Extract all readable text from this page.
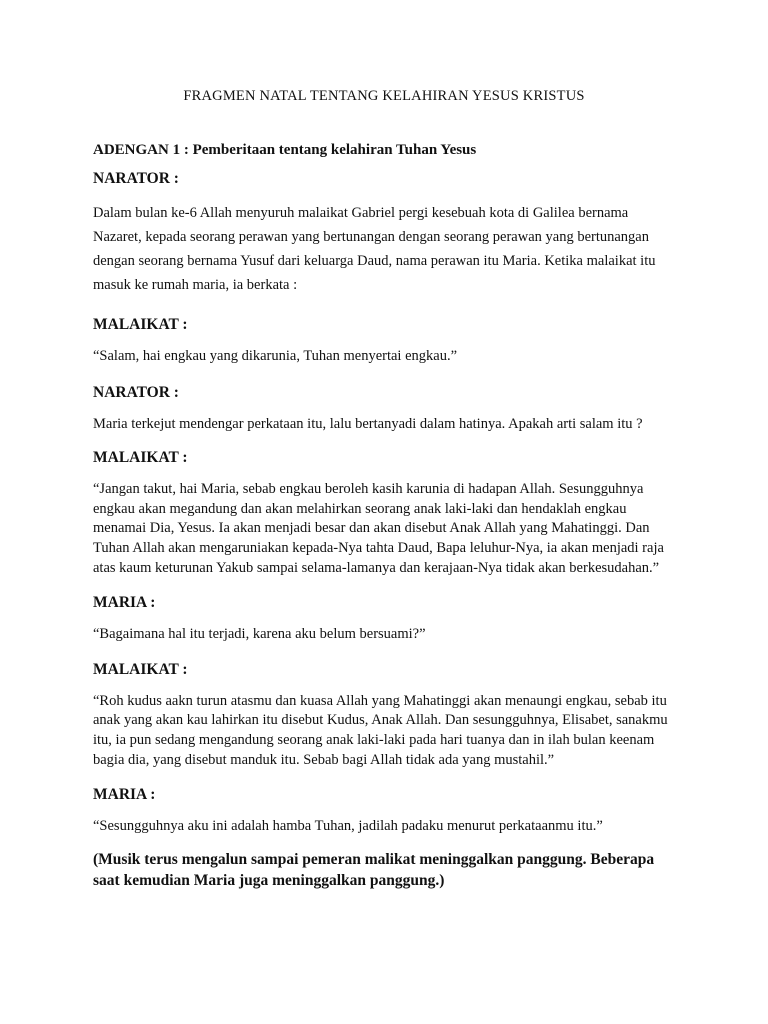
FRAGMEN NATAL TENTANG KELAHIRAN YESUS KRISTUS

ADENGAN 1 : Pemberitaan tentang kelahiran Tuhan Yesus

NARATOR :

Dalam bulan ke-6 Allah menyuruh malaikat Gabriel pergi kesebuah kota di Galilea bernama Nazaret, kepada seorang perawan yang bertunangan dengan seorang perawan yang bertunangan dengan seorang bernama Yusuf dari keluarga Daud, nama perawan itu Maria. Ketika malaikat itu masuk ke rumah maria, ia berkata :

MALAIKAT :

“Salam, hai engkau yang dikarunia, Tuhan menyertai engkau.”

NARATOR :

Maria terkejut mendengar perkataan itu, lalu bertanyadi dalam hatinya. Apakah arti salam itu ?

MALAIKAT :

“Jangan takut, hai Maria, sebab engkau beroleh kasih karunia di hadapan Allah. Sesungguhnya engkau akan megandung dan akan melahirkan seorang anak laki-laki dan hendaklah engkau menamai Dia, Yesus. Ia akan menjadi besar dan akan disebut Anak Allah yang Mahatinggi. Dan Tuhan Allah akan mengaruniakan kepada-Nya tahta Daud, Bapa leluhur-Nya, ia akan menjadi raja atas kaum keturunan Yakub sampai selama-lamanya dan kerajaan-Nya tidak akan berkesudahan.”

MARIA :

“Bagaimana hal itu terjadi, karena aku belum bersuami?”

MALAIKAT :

“Roh kudus aakn turun atasmu dan kuasa Allah yang Mahatinggi akan menaungi engkau, sebab itu anak yang akan kau lahirkan itu disebut Kudus, Anak Allah. Dan sesungguhnya, Elisabet, sanakmu itu, ia pun sedang mengandung seorang anak laki-laki pada hari tuanya dan in ilah bulan keenam bagia dia, yang disebut manduk itu. Sebab bagi Allah tidak ada yang mustahil.”

MARIA :

“Sesungguhnya aku ini adalah hamba Tuhan, jadilah padaku menurut perkataanmu itu.”

(Musik terus mengalun sampai pemeran malikat meninggalkan panggung. Beberapa saat kemudian Maria juga meninggalkan panggung.)
